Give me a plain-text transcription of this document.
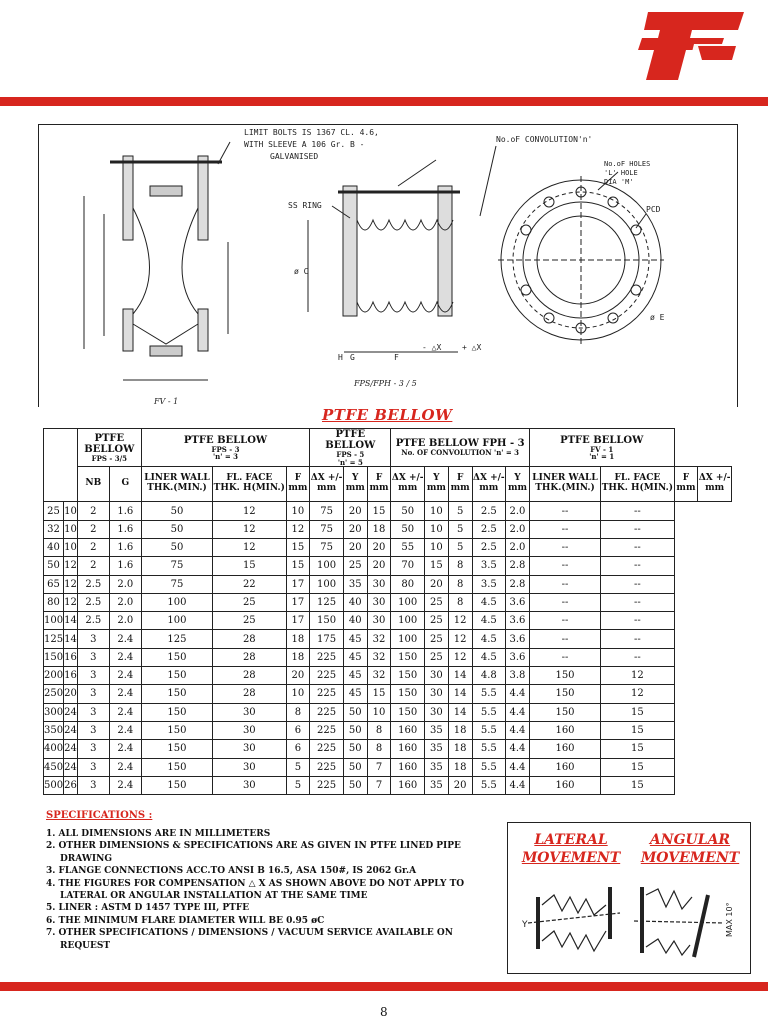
LIMIT BOLTS IS 1367 CL. 4.6,
WITH SLEEVE A 106 Gr. B -
GALVANISED
No.oF CONVOLUTION'n'
No.oF HOLES
'L' HOLE
DIA 'M'
PCD
SS RING
ø E
ø C
H G	F
- △X	+ △X
FPS/FPH - 3 / 5
FV - 1
PTFE BELLOW
		PTFE BELLOW
FPS - 3/5		PTFE BELLOW
FPS - 3
'n' = 3			PTFE BELLOW
FPS - 5
'n' = 5			PTFE BELLOW FPH - 3
No. OF CONVOLUTION 'n' = 3					PTFE BELLOW
FV - 1
'n' = 1			

		NB	G	LINER WALL THK.(MIN.)	FL. FACE THK. H(MIN.)	F mm	ΔX +/- mm	Y mm	F mm	ΔX +/- mm	Y mm	F mm	ΔX +/- mm	Y mm	LINER WALL THK.(MIN.)	FL. FACE THK. H(MIN.)	F mm	ΔX +/- mm
25	10	2	1.6	50	12	10	75	20	15	50	10	5	2.5	2.0	--	--		
32	10	2	1.6	50	12	12	75	20	18	50	10	5	2.5	2.0	--	--		
40	10	2	1.6	50	12	15	75	20	20	55	10	5	2.5	2.0	--	--		
50	12	2	1.6	75	15	15	100	25	20	70	15	8	3.5	2.8	--	--		
65	12	2.5	2.0	75	22	17	100	35	30	80	20	8	3.5	2.8	--	--		
80	12	2.5	2.0	100	25	17	125	40	30	100	25	8	4.5	3.6	--	--		
100	14	2.5	2.0	100	25	17	150	40	30	100	25	12	4.5	3.6	--	--		
125	14	3	2.4	125	28	18	175	45	32	100	25	12	4.5	3.6	--	--		
150	16	3	2.4	150	28	18	225	45	32	150	25	12	4.5	3.6	--	--		
200	16	3	2.4	150	28	20	225	45	32	150	30	14	4.8	3.8	150	12		
250	20	3	2.4	150	28	10	225	45	15	150	30	14	5.5	4.4	150	12		
300	24	3	2.4	150	30	8	225	50	10	150	30	14	5.5	4.4	150	15		
350	24	3	2.4	150	30	6	225	50	8	160	35	18	5.5	4.4	160	15		
400	24	3	2.4	150	30	6	225	50	8	160	35	18	5.5	4.4	160	15		
450	24	3	2.4	150	30	5	225	50	7	160	35	18	5.5	4.4	160	15		
500	26	3	2.4	150	30	5	225	50	7	160	35	20	5.5	4.4	160	15		
SPECIFICATIONS :
1. ALL DIMENSIONS ARE IN MILLIMETERS
2. OTHER DIMENSIONS & SPECIFICATIONS ARE AS GIVEN IN PTFE LINED PIPE DRAWING
3. FLANGE CONNECTIONS ACC.TO ANSI B 16.5, ASA 150#, IS 2062 Gr.A
4. THE FIGURES FOR COMPENSATION △ X AS SHOWN ABOVE DO NOT APPLY TO LATERAL OR ANGULAR INSTALLATION AT THE SAME TIME
5. LINER : ASTM D 1457 TYPE III, PTFE
6. THE MINIMUM FLARE DIAMETER WILL BE 0.95 øC
7. OTHER SPECIFICATIONS / DIMENSIONS / VACUUM SERVICE AVAILABLE ON REQUEST
LATERAL
MOVEMENT
ANGULAR
MOVEMENT
Y	MAX 10°
8
